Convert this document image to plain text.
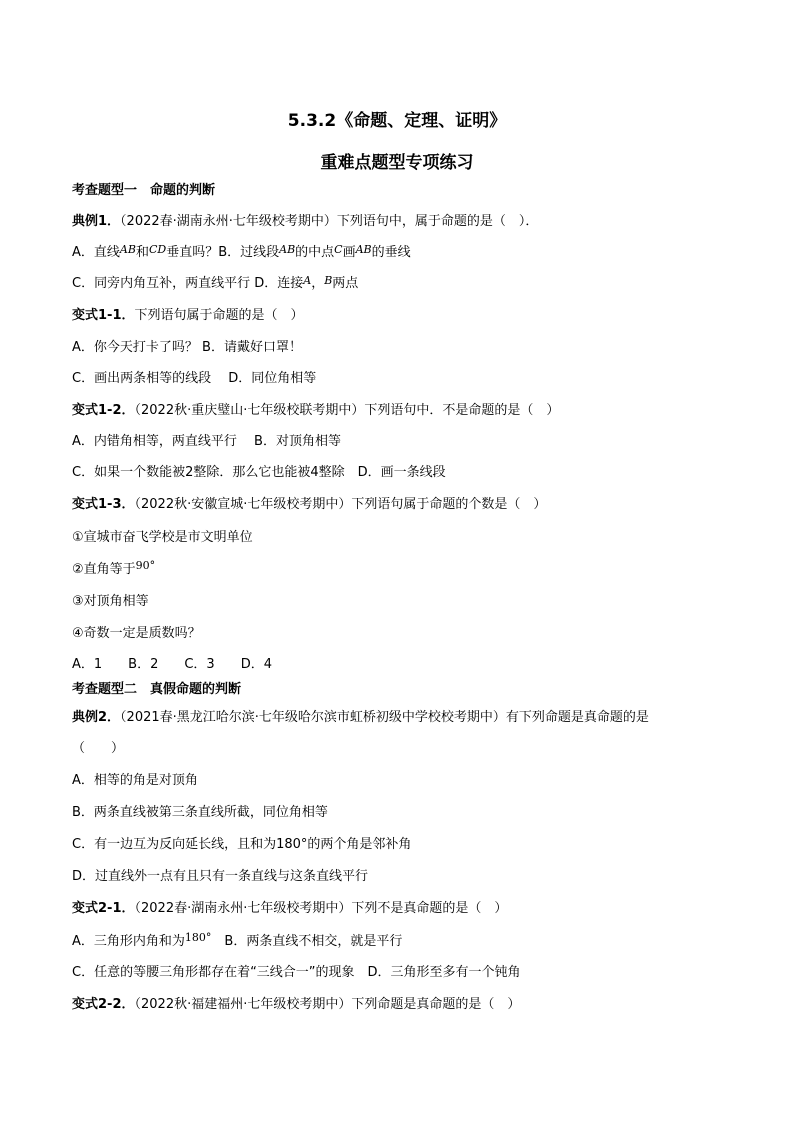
5.3.2《命题、定理、证明》
重难点题型专项练习
考查题型一　命题的判断
典例1．（2022春·湖南永州·七年级校考期中）下列语句中，属于命题的是（　）．
A．直线$^{AB}$和$^{CD}$垂直吗？B．过线段$^{AB}$的中点$^C$画$^{AB}$的垂线
C．同旁内角互补，两直线平行 D．连接$^A$，$^B$两点
变式1-1．下列语句属于命题的是（　）
A．你今天打卡了吗？ B．请戴好口罩！
C．画出两条相等的线段　 D．同位角相等
变式1-2．（2022秋·重庆璧山·七年级校联考期中）下列语句中．不是命题的是（　）
A．内错角相等，两直线平行　 B．对顶角相等
C．如果一个数能被2整除．那么它也能被4整除　D．画一条线段
变式1-3．（2022秋·安徽宣城·七年级校考期中）下列语句属于命题的个数是（　）
①宣城市奋飞学校是市文明单位
②直角等于$^{90^\circ}$
③对顶角相等
④奇数一定是质数吗？
A．1　　B．2　　C．3　　D．4
考查题型二　真假命题的判断
典例2．（2021春·黑龙江哈尔滨·七年级哈尔滨市虹桥初级中学校校考期中）有下列命题是真命题的是
（　　）
A．相等的角是对顶角
B．两条直线被第三条直线所截，同位角相等
C．有一边互为反向延长线，且和为180°的两个角是邻补角
D．过直线外一点有且只有一条直线与这条直线平行
变式2-1．（2022春·湖南永州·七年级校考期中）下列不是真命题的是（　）
A．三角形内角和为$^{180^\circ}$　B．两条直线不相交，就是平行
C．任意的等腰三角形都存在着“三线合一”的现象　D．三角形至多有一个钝角
变式2-2．（2022秋·福建福州·七年级校考期中）下列命题是真命题的是（　）
